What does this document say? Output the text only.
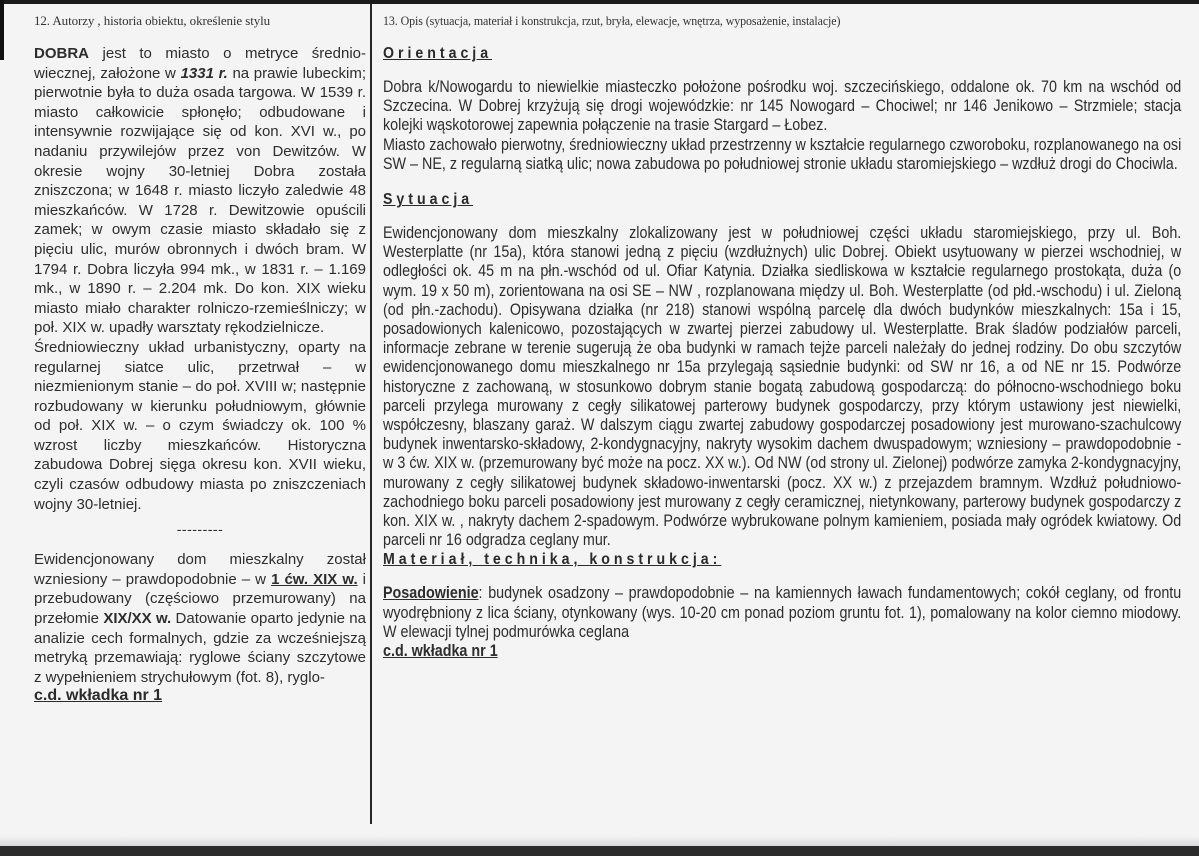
12. Autorzy , historia obiektu, określenie stylu

DOBRA jest to miasto o metryce średniowiecznej, założone w 1331 r. na prawie lubeckim; pierwotnie była to duża osada targowa. W 1539 r. miasto całkowicie spłonęło; odbudowane i intensywnie rozwijające się od kon. XVI w., po nadaniu przywilejów przez von Dewitzów. W okresie wojny 30-letniej Dobra została zniszczona; w 1648 r. miasto liczyło zaledwie 48 mieszkańców. W 1728 r. Dewitzowie opuścili zamek; w owym czasie miasto składało się z pięciu ulic, murów obronnych i dwóch bram. W 1794 r. Dobra liczyła 994 mk., w 1831 r. – 1.169 mk., w 1890 r. – 2.204 mk. Do kon. XIX wieku miasto miało charakter rolniczo-rzemieślniczy; w poł. XIX w. upadły warsztaty rękodzielnicze.

Średniowieczny układ urbanistyczny, oparty na regularnej siatce ulic, przetrwał – w niezmienionym stanie – do poł. XVIII w; następnie rozbudowany w kierunku południowym, głównie od poł. XIX w. – o czym świadczy ok. 100 % wzrost liczby mieszkańców. Historyczna zabudowa Dobrej sięga okresu kon. XVII wieku, czyli czasów odbudowy miasta po zniszczeniach wojny 30-letniej.

---------

Ewidencjonowany dom mieszkalny został wzniesiony – prawdopodobnie – w 1 ćw. XIX w. i przebudowany (częściowo przemurowany) na przełomie XIX/XX w. Datowanie oparto jedynie na analizie cech formalnych, gdzie za wcześniejszą metryką przemawiają: ryglowe ściany szczytowe z wypełnieniem strychułowym (fot. 8), ryglo-

c.d. wkładka nr 1
13. Opis (sytuacja, materiał i konstrukcja, rzut, bryła, elewacje, wnętrza, wyposażenie, instalacje)
Orientacja

Dobra k/Nowogardu to niewielkie miasteczko położone pośrodku woj. szczecińskiego, oddalone ok. 70 km na wschód od Szczecina. W Dobrej krzyżują się drogi wojewódzkie: nr 145 Nowogard – Chociwel; nr 146 Jenikowo – Strzmiele; stacja kolejki wąskotorowej zapewnia połączenie na trasie Stargard – Łobez.

Miasto zachowało pierwotny, średniowieczny układ przestrzenny w kształcie regularnego czworoboku, rozplanowanego na osi SW – NE, z regularną siatką ulic; nowa zabudowa po południowej stronie układu staromiejskiego – wzdłuż drogi do Chociwla.

Sytuacja

Ewidencjonowany dom mieszkalny zlokalizowany jest w południowej części układu staromiejskiego, przy ul. Boh. Westerplatte (nr 15a), która stanowi jedną z pięciu (wzdłużnych) ulic Dobrej. Obiekt usytuowany w pierzei wschodniej, w odległości ok. 45 m na płn.-wschód od ul. Ofiar Katynia. Działka siedliskowa w kształcie regularnego prostokąta, duża (o wym. 19 x 50 m), zorientowana na osi SE – NW , rozplanowana między ul. Boh. Westerplatte (od płd.-wschodu) i ul. Zieloną (od płn.-zachodu). Opisywana działka (nr 218) stanowi wspólną parcelę dla dwóch budynków mieszkalnych: 15a i 15, posadowionych kalenicowo, pozostających w zwartej pierzei zabudowy ul. Westerplatte. Brak śladów podziałów parceli, informacje zebrane w terenie sugerują że oba budynki w ramach tejże parceli należały do jednej rodziny. Do obu szczytów ewidencjonowanego domu mieszkalnego nr 15a przylegają sąsiednie budynki: od SW nr 16, a od NE nr 15. Podwórze historyczne z zachowaną, w stosunkowo dobrym stanie bogatą zabudową gospodarczą: do północno-wschodniego boku parceli przylega murowany z cegły silikatowej parterowy budynek gospodarczy, przy którym ustawiony jest niewielki, współczesny, blaszany garaż. W dalszym ciągu zwartej zabudowy gospodarczej posadowiony jest murowano-szachulcowy budynek inwentarsko-składowy, 2-kondygnacyjny, nakryty wysokim dachem dwuspadowym; wzniesiony – prawdopodobnie - w 3 ćw. XIX w. (przemurowany być może na pocz. XX w.). Od NW (od strony ul. Zielonej) podwórze zamyka 2-kondygnacyjny, murowany z cegły silikatowej budynek składowo-inwentarski (pocz. XX w.) z przejazdem bramnym. Wzdłuż południowo-zachodniego boku parceli posadowiony jest murowany z cegły ceramicznej, nietynkowany, parterowy budynek gospodarczy z kon. XIX w. , nakryty dachem 2-spadowym. Podwórze wybrukowane polnym kamieniem, posiada mały ogródek kwiatowy. Od parceli nr 16 odgradza ceglany mur.

Materiał, technika, konstrukcja:

Posadowienie: budynek osadzony – prawdopodobnie – na kamiennych ławach fundamentowych; cokół ceglany, od frontu wyodrębniony z lica ściany, otynkowany (wys. 10-20 cm ponad poziom gruntu fot. 1), pomalowany na kolor ciemno miodowy. W elewacji tylnej podmurówka ceglana

c.d. wkładka nr 1
